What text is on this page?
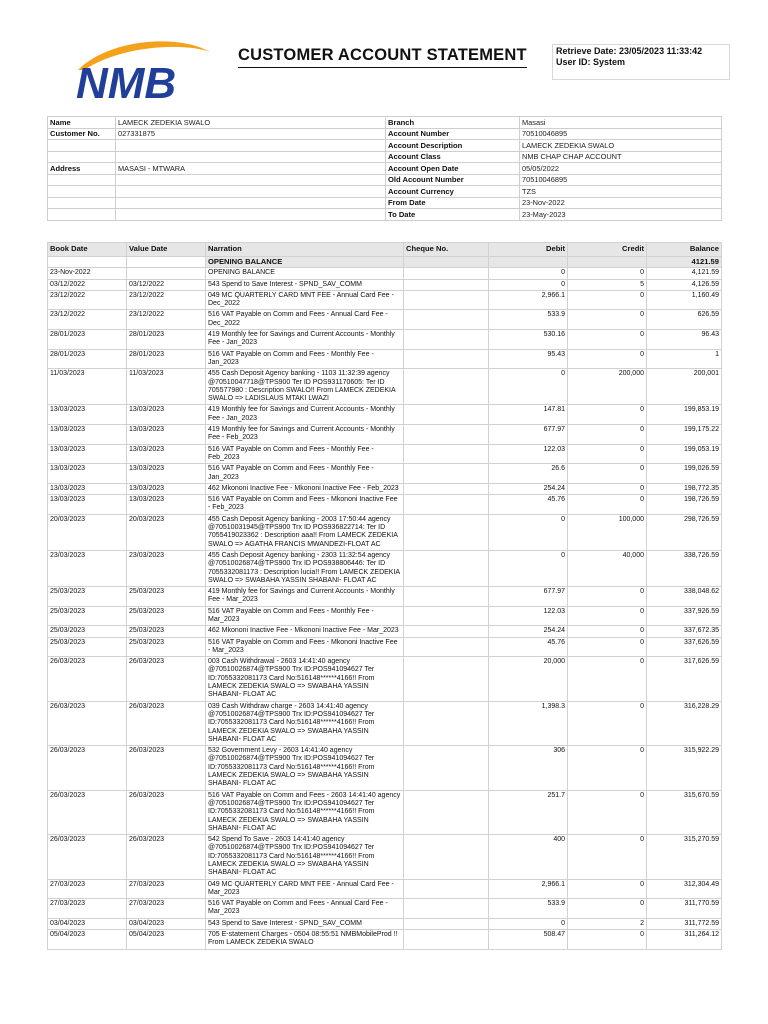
NMB
CUSTOMER ACCOUNT STATEMENT	Retrieve Date: 23/05/2023 11:33:42
User ID: System
Name	LAMECK ZEDEKIA SWALO	Branch	Masasi
Customer No.	027331875	Account Number	70510046895
		Account Description	LAMECK ZEDEKIA SWALO
		Account Class	NMB CHAP CHAP ACCOUNT
Address	MASASI - MTWARA	Account Open Date	05/05/2022
		Old Account Number	70510046895
		Account Currency	TZS
		From Date	23-Nov-2022
		To Date	23-May-2023
Book Date	Value Date	Narration	Cheque No.	Debit	Credit	Balance
		OPENING BALANCE				4121.59
23-Nov-2022		OPENING BALANCE		0	0	4,121.59
03/12/2022	03/12/2022	543 Spend to Save Interest - SPND_SAV_COMM		0	5	4,126.59
23/12/2022	23/12/2022	049 MC QUARTERLY CARD MNT FEE - Annual Card Fee - Dec_2022		2,966.1	0	1,160.49
23/12/2022	23/12/2022	516 VAT Payable on Comm and Fees - Annual Card Fee - Dec_2022		533.9	0	626.59
28/01/2023	28/01/2023	419 Monthly fee for Savings and Current Accounts - Monthly Fee - Jan_2023		530.16	0	96.43
28/01/2023	28/01/2023	516 VAT Payable on Comm and Fees - Monthly Fee - Jan_2023		95.43	0	1
11/03/2023	11/03/2023	455 Cash Deposit Agency banking - 1103 11:32:39 agency @70510047718@TPS900 Ter ID POS931170605: Ter ID 705577980 : Description SWALO!! From LAMECK ZEDEKIA SWALO => LADISLAUS MTAKI LWAZI		0	200,000	200,001
13/03/2023	13/03/2023	419 Monthly fee for Savings and Current Accounts - Monthly Fee - Jan_2023		147.81	0	199,853.19
13/03/2023	13/03/2023	419 Monthly fee for Savings and Current Accounts - Monthly Fee - Feb_2023		677.97	0	199,175.22
13/03/2023	13/03/2023	516 VAT Payable on Comm and Fees - Monthly Fee - Feb_2023		122.03	0	199,053.19
13/03/2023	13/03/2023	516 VAT Payable on Comm and Fees - Monthly Fee - Jan_2023		26.6	0	199,026.59
13/03/2023	13/03/2023	462 Mkononi Inactive Fee - Mkononi Inactive Fee - Feb_2023		254.24	0	198,772.35
13/03/2023	13/03/2023	516 VAT Payable on Comm and Fees - Mkononi Inactive Fee - Feb_2023		45.76	0	198,726.59
20/03/2023	20/03/2023	455 Cash Deposit Agency banking - 2003 17:50:44 agency @70510031945@TPS900 Trx ID POS936822714: Ter ID 7055419023362 : Description aaa!! From LAMECK ZEDEKIA SWALO => AGATHA FRANCIS MWANDEZI-FLOAT AC		0	100,000	298,726.59
23/03/2023	23/03/2023	455 Cash Deposit Agency banking - 2303 11:32:54 agency @70510026874@TPS900 Trx ID POS938806446: Ter ID 7055332081173 : Description lucia!! From LAMECK ZEDEKIA SWALO => SWABAHA YASSIN SHABANI- FLOAT AC		0	40,000	338,726.59
25/03/2023	25/03/2023	419 Monthly fee for Savings and Current Accounts - Monthly Fee - Mar_2023		677.97	0	338,048.62
25/03/2023	25/03/2023	516 VAT Payable on Comm and Fees - Monthly Fee - Mar_2023		122.03	0	337,926.59
25/03/2023	25/03/2023	462 Mkononi Inactive Fee - Mkononi Inactive Fee - Mar_2023		254.24	0	337,672.35
25/03/2023	25/03/2023	516 VAT Payable on Comm and Fees - Mkononi Inactive Fee - Mar_2023		45.76	0	337,626.59
26/03/2023	26/03/2023	003 Cash Withdrawal - 2603 14:41:40 agency @70510026874@TPS900 Trx ID:POS941094627 Ter ID:7055332081173 Card No:516148******4166!! From LAMECK ZEDEKIA SWALO => SWABAHA YASSIN SHABANI- FLOAT AC		20,000	0	317,626.59
26/03/2023	26/03/2023	039 Cash Withdraw charge - 2603 14:41:40 agency @70510026874@TPS900 Trx ID:POS941094627 Ter ID:7055332081173 Card No:516148******4166!! From LAMECK ZEDEKIA SWALO => SWABAHA YASSIN SHABANI- FLOAT AC		1,398.3	0	316,228.29
26/03/2023	26/03/2023	532 Government Levy - 2603 14:41:40 agency @70510026874@TPS900 Trx ID:POS941094627 Ter ID:7055332081173 Card No:516148******4166!! From LAMECK ZEDEKIA SWALO => SWABAHA YASSIN SHABANI- FLOAT AC		306	0	315,922.29
26/03/2023	26/03/2023	516 VAT Payable on Comm and Fees - 2603 14:41:40 agency @70510026874@TPS900 Trx ID:POS941094627 Ter ID:7055332081173 Card No:516148******4166!! From LAMECK ZEDEKIA SWALO => SWABAHA YASSIN SHABANI- FLOAT AC		251.7	0	315,670.59
26/03/2023	26/03/2023	542 Spend To Save - 2603 14:41:40 agency @70510026874@TPS900 Trx ID:POS941094627 Ter ID:7055332081173 Card No:516148******4166!! From LAMECK ZEDEKIA SWALO => SWABAHA YASSIN SHABANI- FLOAT AC		400	0	315,270.59
27/03/2023	27/03/2023	049 MC QUARTERLY CARD MNT FEE - Annual Card Fee - Mar_2023		2,966.1	0	312,304.49
27/03/2023	27/03/2023	516 VAT Payable on Comm and Fees - Annual Card Fee - Mar_2023		533.9	0	311,770.59
03/04/2023	03/04/2023	543 Spend to Save Interest - SPND_SAV_COMM		0	2	311,772.59
05/04/2023	05/04/2023	705 E-statement Charges - 0504 08:55:51 NMBMobileProd !! From LAMECK ZEDEKIA SWALO		508.47	0	311,264.12
